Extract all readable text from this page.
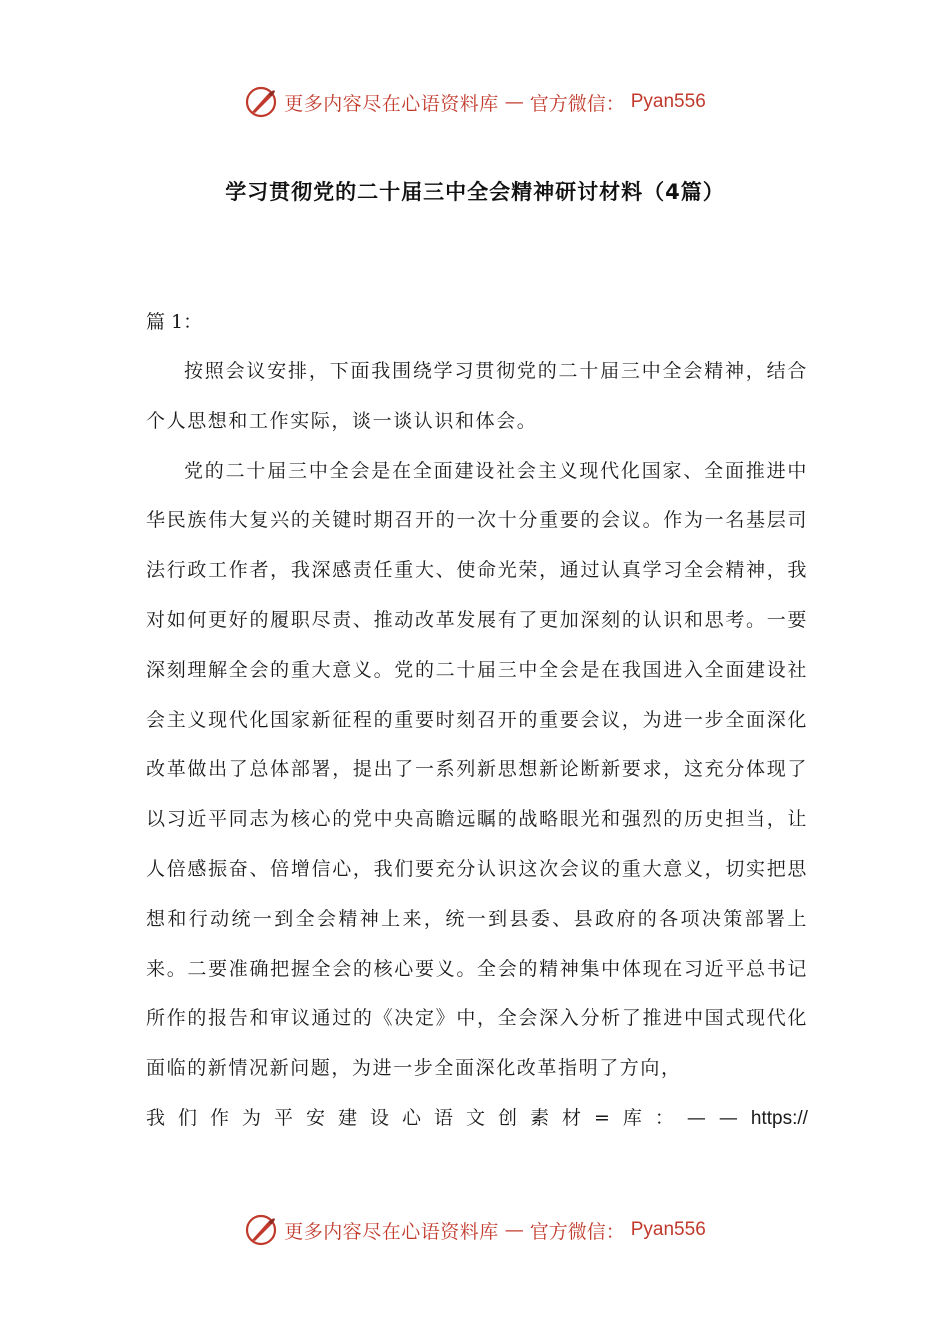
更多内容尽在心语资料库 — 官方微信： Pyan556
学习贯彻党的二十届三中全会精神研讨材料（4篇）

篇 1：

按照会议安排，下面我围绕学习贯彻党的二十届三中全会精神，结合个人思想和工作实际，谈一谈认识和体会。

党的二十届三中全会是在全面建设社会主义现代化国家、全面推进中华民族伟大复兴的关键时期召开的一次十分重要的会议。作为一名基层司法行政工作者，我深感责任重大、使命光荣，通过认真学习全会精神，我对如何更好的履职尽责、推动改革发展有了更加深刻的认识和思考。一要深刻理解全会的重大意义。党的二十届三中全会是在我国进入全面建设社会主义现代化国家新征程的重要时刻召开的重要会议，为进一步全面深化改革做出了总体部署，提出了一系列新思想新论断新要求，这充分体现了以习近平同志为核心的党中央高瞻远瞩的战略眼光和强烈的历史担当，让人倍感振奋、倍增信心，我们要充分认识这次会议的重大意义，切实把思想和行动统一到全会精神上来，统一到县委、县政府的各项决策部署上来。二要准确把握全会的核心要义。全会的精神集中体现在习近平总书记所作的报告和审议通过的《决定》中，全会深入分析了推进中国式现代化面临的新情况新问题，为进一步全面深化改革指明了方向，

我 们 作 为 平 安 建 设 心 语 文 创 素 材 = 库 ： — — https://
更多内容尽在心语资料库 — 官方微信： Pyan556
